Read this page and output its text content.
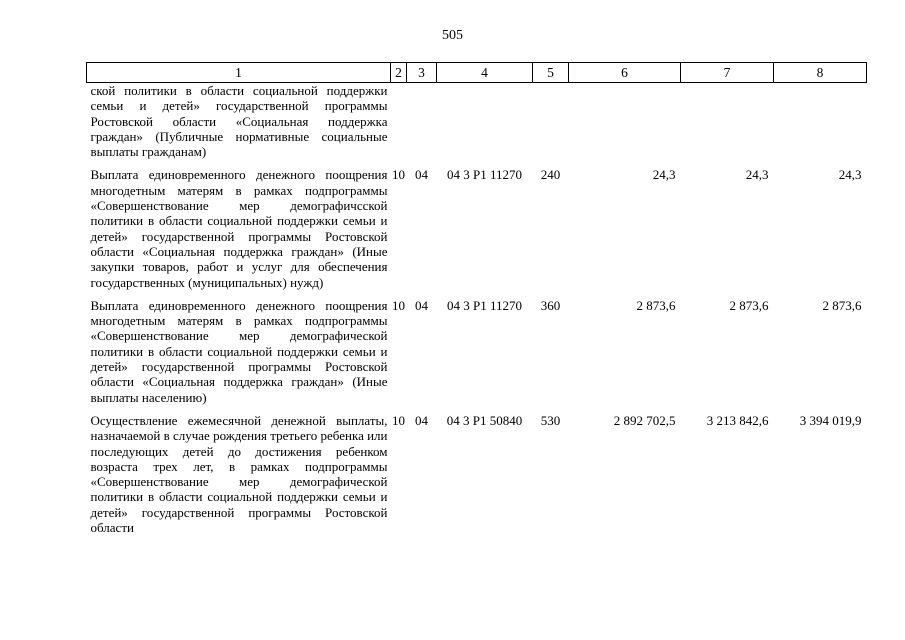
505
1	2	3	4	5	6	7	8
ской политики в области социальной поддержки семьи и детей» государственной программы Ростовской области «Социальная поддержка граждан» (Публичные нормативные социальные выплаты гражданам)							
Выплата единовременного денежного поощрения многодетным матерям в рамках подпрограммы «Совершенствование мер демографичсской политики в области социальной поддержки семьи и детей» государственной программы Ростовской области «Социальная поддержка граждан» (Иные закупки товаров, работ и услуг для обеспечения государственных (муниципальных) нужд)	10	04	04 3 P1 11270	240	24,3	24,3	24,3
Выплата единовременного денежного поощрения многодетным матерям в рамках подпрограммы «Совершенствование мер демографической политики в области социальной поддержки семьи и детей» государственной программы Ростовской области «Социальная поддержка граждан» (Иные выплаты населению)	10	04	04 3 P1 11270	360	2 873,6	2 873,6	2 873,6
Осуществление ежемесячной денежной выплаты, назначаемой в случае рождения третьего ребенка или последующих детей до достижения ребенком возраста трех лет, в рамках подпрограммы «Совершенствование мер демографической политики в области социальной поддержки семьи и детей» государственной программы Ростовской области	10	04	04 3 P1 50840	530	2 892 702,5	3 213 842,6	3 394 019,9
